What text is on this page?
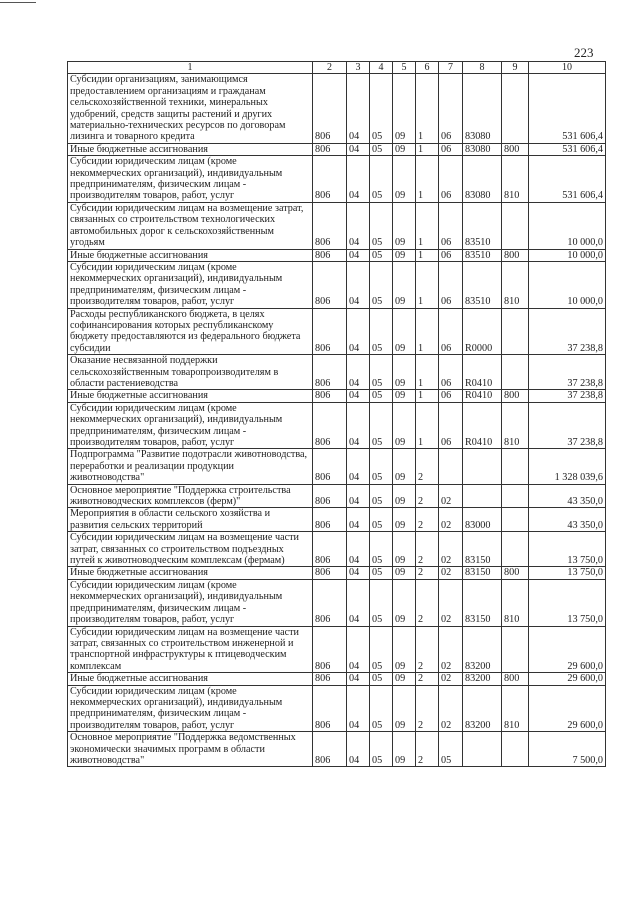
223
1	2	3	4	5	6	7	8	9	10
Субсидии организациям, занимающимся предоставлением организациям и гражданам сельскохозяйственной техники, минеральных удобрений, средств защиты растений и других материально-технических ресурсов по договорам лизинга и товарного кредита	806	04	05	09	1	06	83080		531 606,4
Иные бюджетные ассигнования	806	04	05	09	1	06	83080	800	531 606,4
Субсидии юридическим лицам (кроме некоммерческих организаций), индивидуальным предпринимателям, физическим лицам - производителям товаров, работ, услуг	806	04	05	09	1	06	83080	810	531 606,4
Субсидии юридическим лицам на возмещение затрат, связанных со строительством технологических автомобильных дорог к сельскохозяйственным угодьям	806	04	05	09	1	06	83510		10 000,0
Иные бюджетные ассигнования	806	04	05	09	1	06	83510	800	10 000,0
Субсидии юридическим лицам (кроме некоммерческих организаций), индивидуальным предпринимателям, физическим лицам - производителям товаров, работ, услуг	806	04	05	09	1	06	83510	810	10 000,0
Расходы республиканского бюджета, в целях софинансирования которых республиканскому бюджету предоставляются из федерального бюджета субсидии	806	04	05	09	1	06	R0000		37 238,8
Оказание несвязанной поддержки сельскохозяйственным товаропроизводителям в области растениеводства	806	04	05	09	1	06	R0410		37 238,8
Иные бюджетные ассигнования	806	04	05	09	1	06	R0410	800	37 238,8
Субсидии юридическим лицам (кроме некоммерческих организаций), индивидуальным предпринимателям, физическим лицам - производителям товаров, работ, услуг	806	04	05	09	1	06	R0410	810	37 238,8
Подпрограмма "Развитие подотрасли животноводства, переработки и реализации продукции животноводства"	806	04	05	09	2				1 328 039,6
Основное мероприятие "Поддержка строительства животноводческих комплексов (ферм)"	806	04	05	09	2	02			43 350,0
Мероприятия в области сельского хозяйства и развития сельских территорий	806	04	05	09	2	02	83000		43 350,0
Субсидии юридическим лицам на возмещение части затрат, связанных со строительством подъездных путей к животноводческим комплексам (фермам)	806	04	05	09	2	02	83150		13 750,0
Иные бюджетные ассигнования	806	04	05	09	2	02	83150	800	13 750,0
Субсидии юридическим лицам (кроме некоммерческих организаций), индивидуальным предпринимателям, физическим лицам - производителям товаров, работ, услуг	806	04	05	09	2	02	83150	810	13 750,0
Субсидии юридическим лицам на возмещение части затрат, связанных со строительством инженерной и транспортной инфраструктуры к птицеводческим комплексам	806	04	05	09	2	02	83200		29 600,0
Иные бюджетные ассигнования	806	04	05	09	2	02	83200	800	29 600,0
Субсидии юридическим лицам (кроме некоммерческих организаций), индивидуальным предпринимателям, физическим лицам - производителям товаров, работ, услуг	806	04	05	09	2	02	83200	810	29 600,0
Основное мероприятие "Поддержка ведомственных экономически значимых программ в области животноводства"	806	04	05	09	2	05			7 500,0
